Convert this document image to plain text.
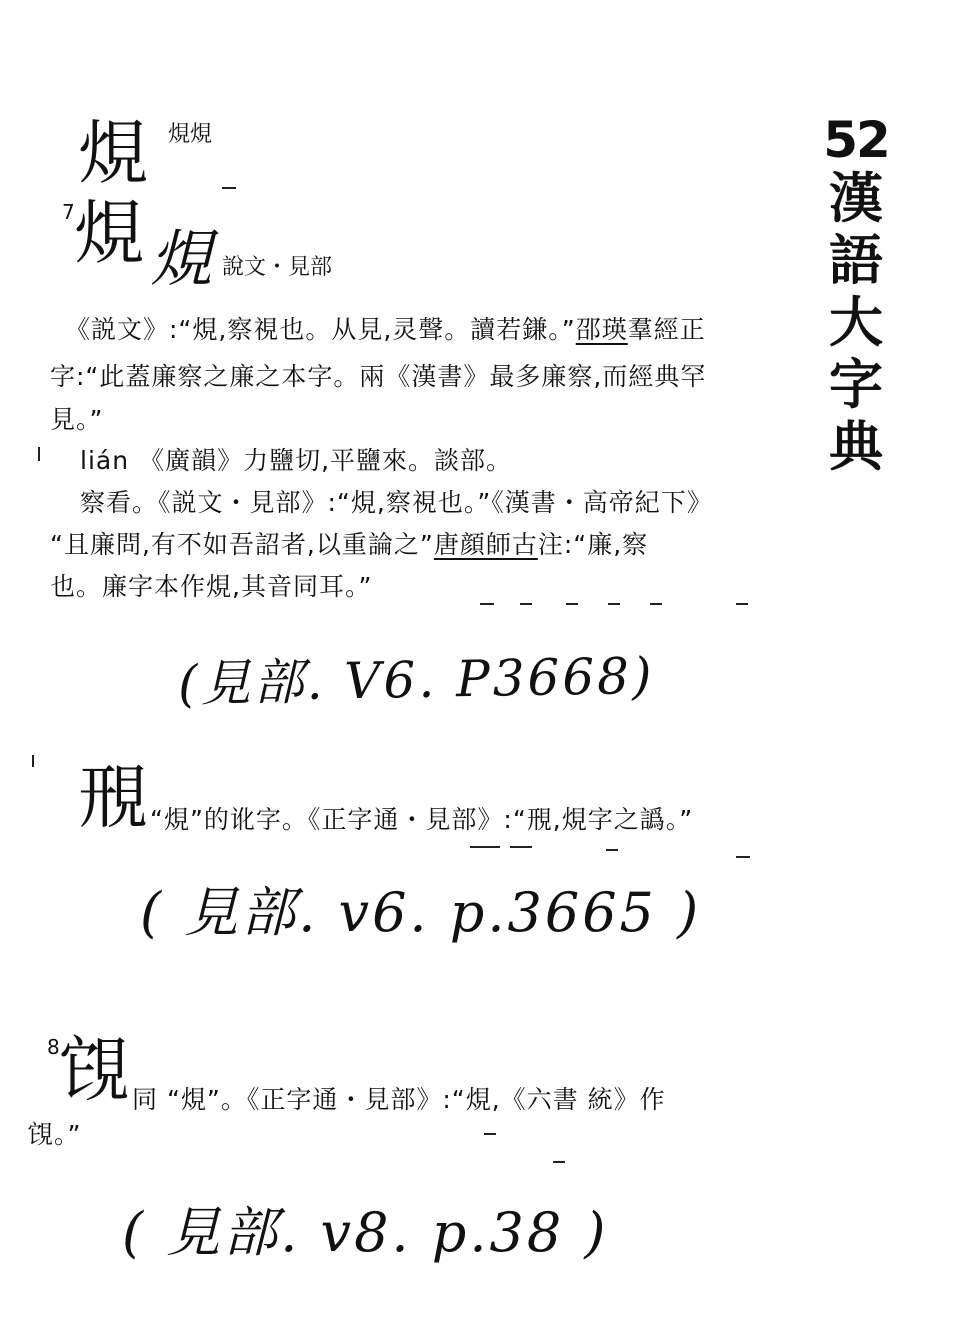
52
漢
語
大
字
典
䙺 䙺䙺
7 䙺 䙺 說文・見部
《説文》:“䙺,察視也。从見,灵聲。讀若鎌。”邵瑛羣經正
字:“此蓋廉察之廉之本字。兩《漢書》最多廉察,而經典罕
見。”
lián 《廣韻》力鹽切,平鹽來。談部。
察看。《説文・見部》:“䙺,察視也。”《漢書・高帝紀下》
“且廉問,有不如吾詔者,以重論之”唐顔師古注:“廉,察
也。廉字本作䙺,其音同耳。”
(見部. V6. P3668)
䙹 “䙺”的讹字。《正字通・見部》:“䙹,䙺字之譌。”
( 見部. v6. p.3665 )
8 䙾 同 “䙺”。《正字通・見部》:“䙺,《六書 統》作
䙾。”
( 見部. v8. p.38 )
